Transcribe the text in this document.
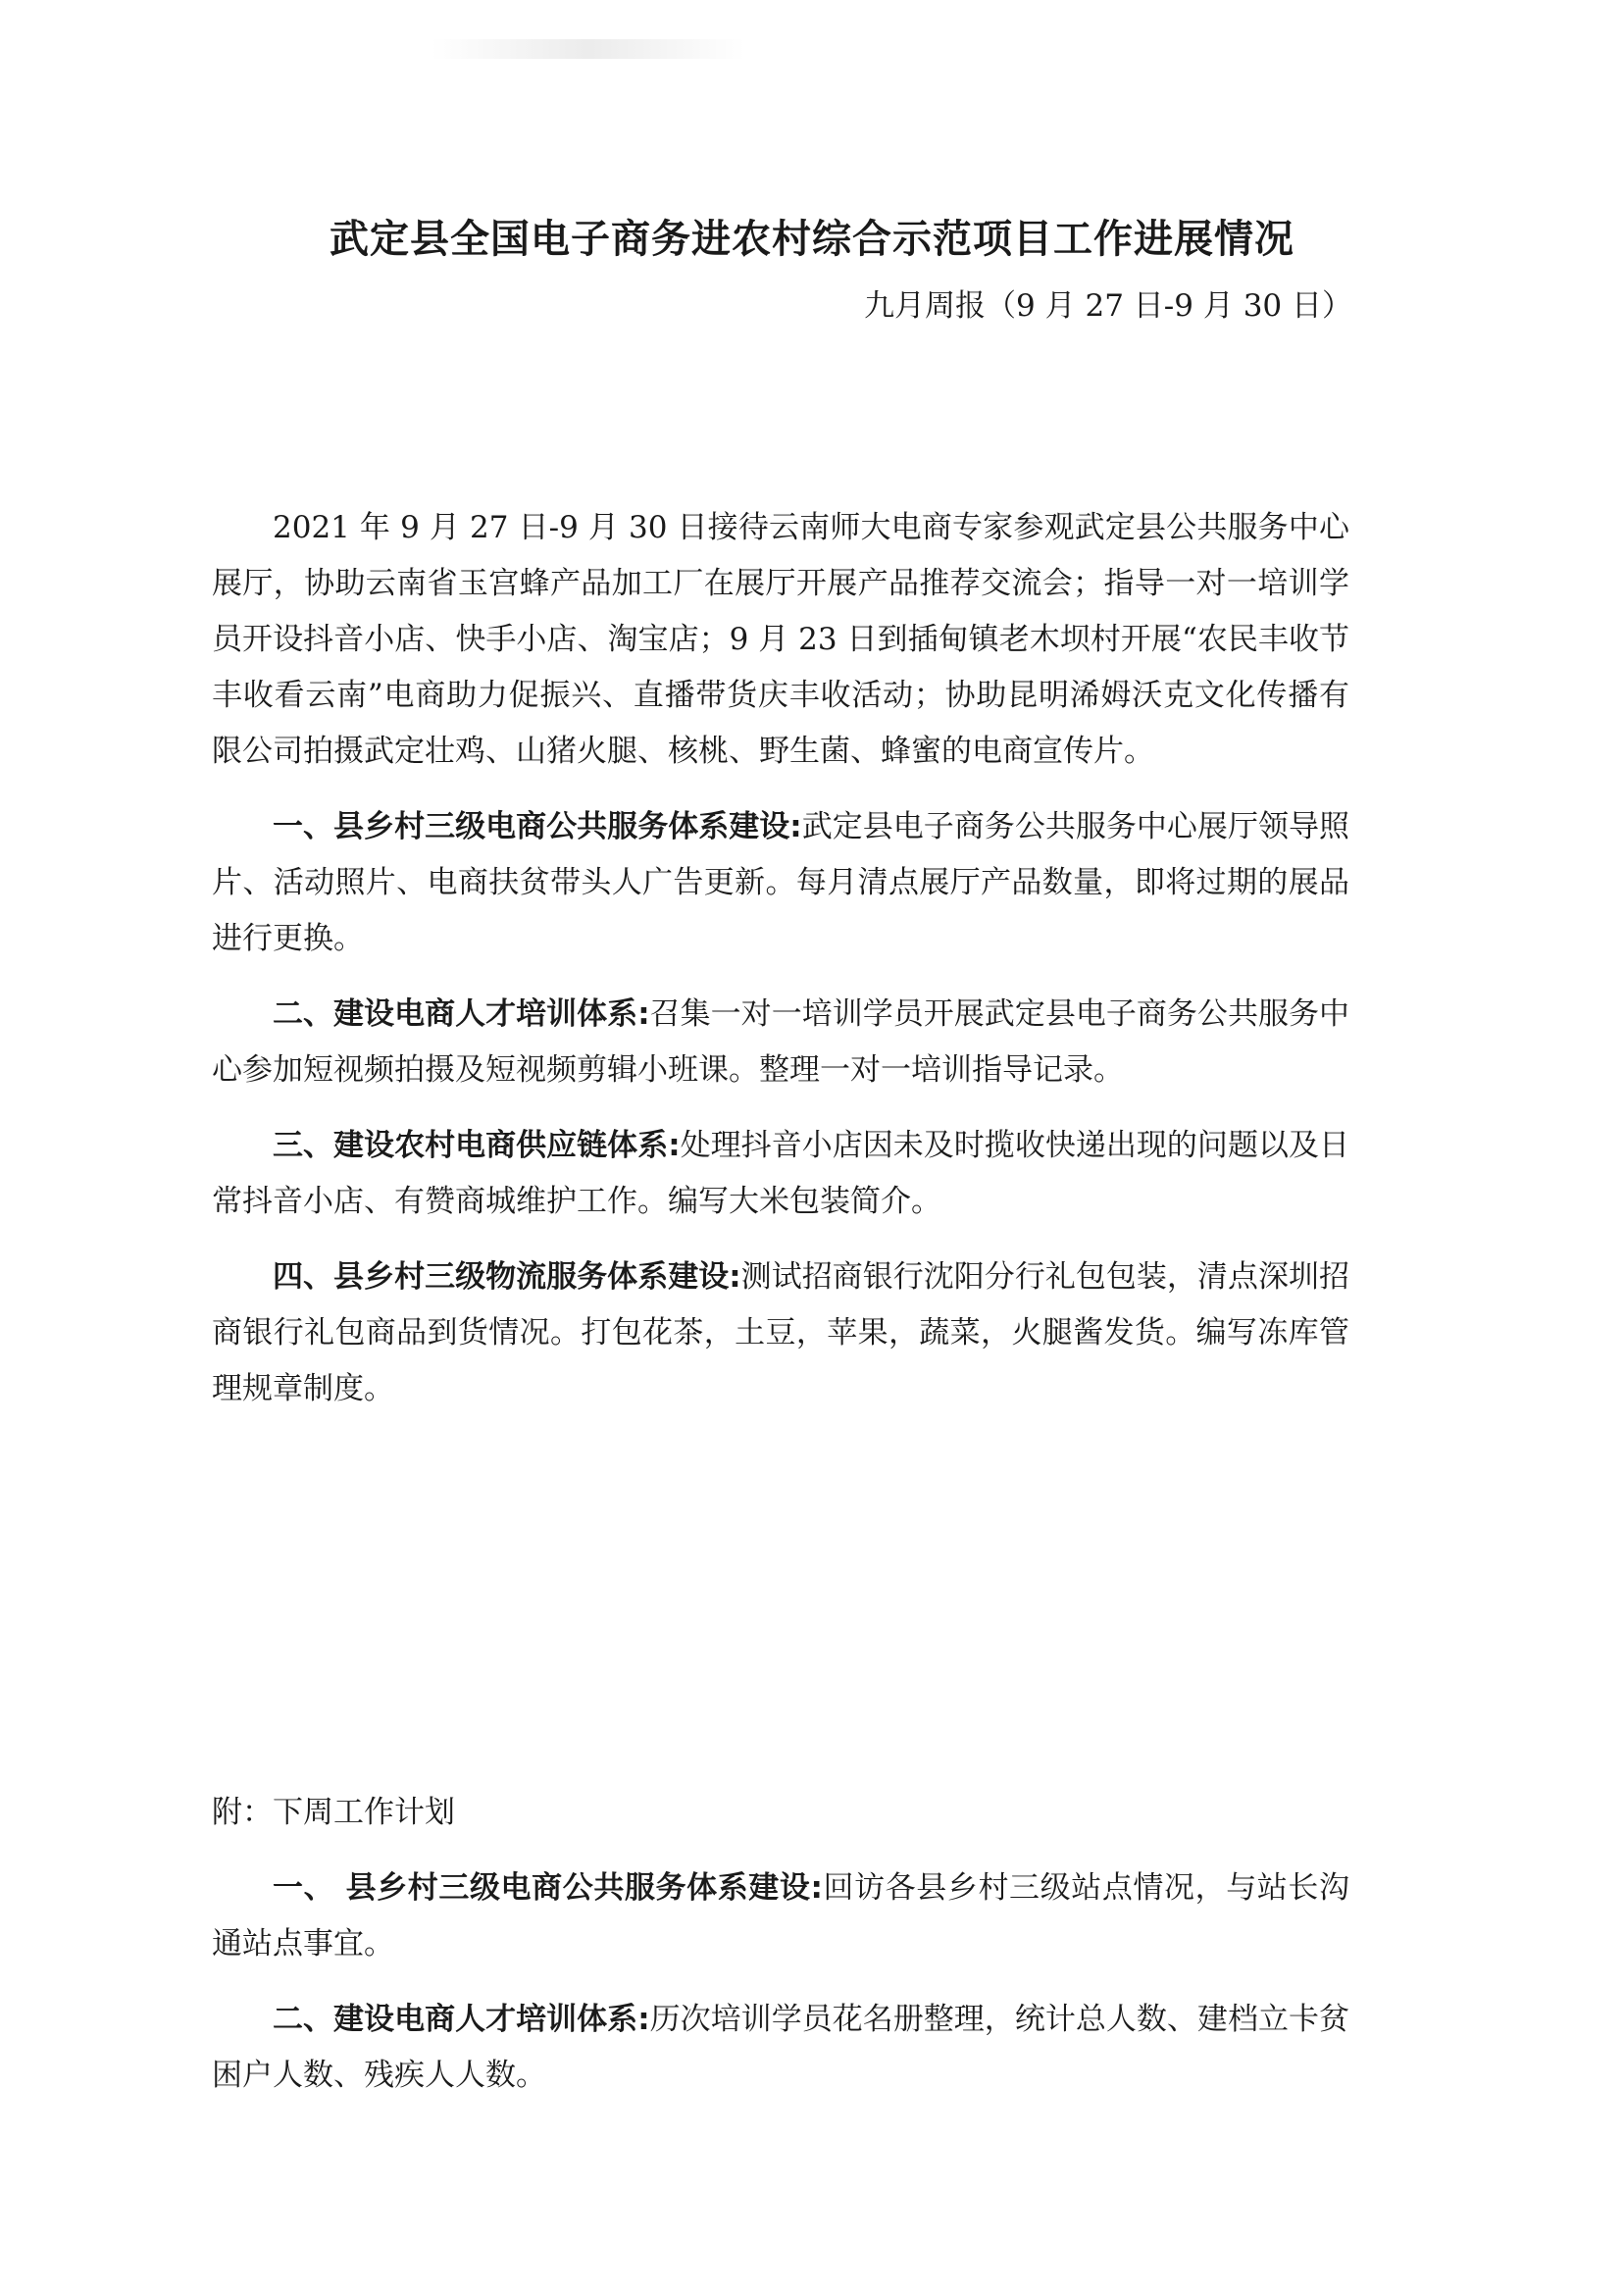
武定县全国电子商务进农村综合示范项目工作进展情况

九月周报（9 月 27 日-9 月 30 日）

2021 年 9 月 27 日-9 月 30 日接待云南师大电商专家参观武定县公共服务中心展厅，协助云南省玉宫蜂产品加工厂在展厅开展产品推荐交流会；指导一对一培训学员开设抖音小店、快手小店、淘宝店；9 月 23 日到插甸镇老木坝村开展“农民丰收节 丰收看云南”电商助力促振兴、直播带货庆丰收活动；协助昆明浠姆沃克文化传播有限公司拍摄武定壮鸡、山猪火腿、核桃、野生菌、蜂蜜的电商宣传片。

一、县乡村三级电商公共服务体系建设:武定县电子商务公共服务中心展厅领导照片、活动照片、电商扶贫带头人广告更新。每月清点展厅产品数量，即将过期的展品进行更换。

二、建设电商人才培训体系:召集一对一培训学员开展武定县电子商务公共服务中心参加短视频拍摄及短视频剪辑小班课。整理一对一培训指导记录。

三、建设农村电商供应链体系:处理抖音小店因未及时揽收快递出现的问题以及日常抖音小店、有赞商城维护工作。编写大米包装简介。

四、县乡村三级物流服务体系建设:测试招商银行沈阳分行礼包包装，清点深圳招商银行礼包商品到货情况。打包花茶，土豆，苹果，蔬菜，火腿酱发货。编写冻库管理规章制度。

附：下周工作计划

一、 县乡村三级电商公共服务体系建设:回访各县乡村三级站点情况，与站长沟通站点事宜。

二、建设电商人才培训体系:历次培训学员花名册整理，统计总人数、建档立卡贫困户人数、残疾人人数。
